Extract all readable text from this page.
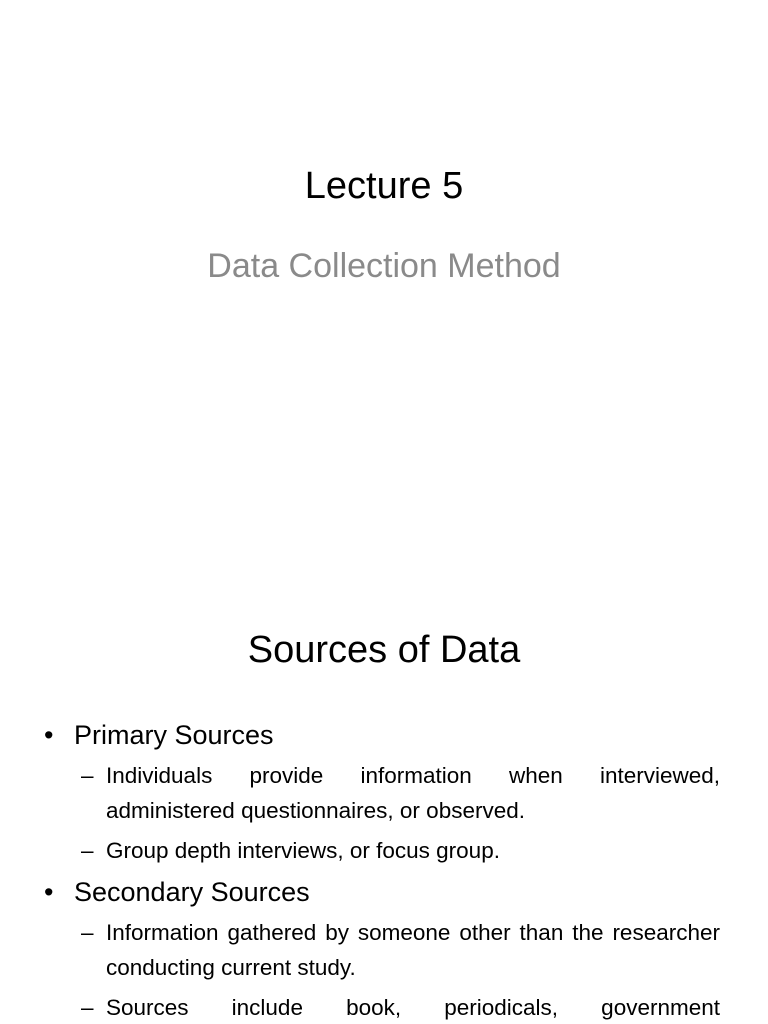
Lecture 5
Data Collection Method
Sources of Data
• Primary Sources
– Individuals provide information when interviewed, administered questionnaires, or observed.
– Group depth interviews, or focus group.
• Secondary Sources
– Information gathered by someone other than the researcher conducting current study.
– Sources include book, periodicals, government
